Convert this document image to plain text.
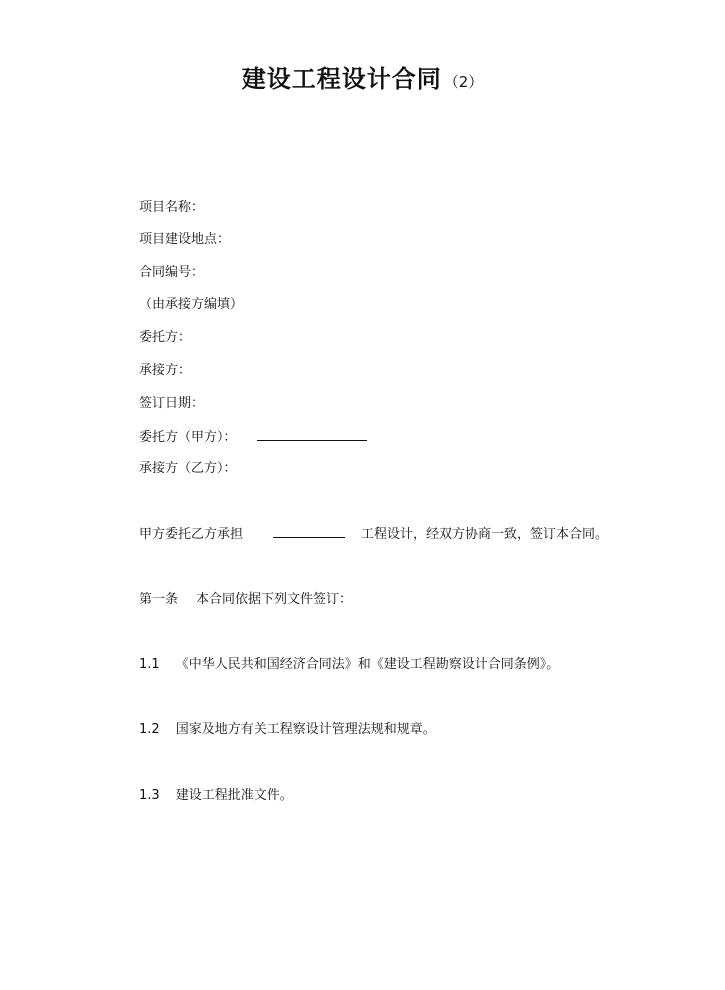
建设工程设计合同 （2）
项目名称：
项目建设地点：
合同编号：
（由承接方编填）
委托方：
承接方：
签订日期：
委托方（甲方）：
承接方（乙方）：
甲方委托乙方承担	工程设计，经双方协商一致，签订本合同。
第一条 本合同依据下列文件签订：
1.1 《中华人民共和国经济合同法》和《建设工程勘察设计合同条例》。
1.2 国家及地方有关工程察设计管理法规和规章。
1.3 建设工程批准文件。
